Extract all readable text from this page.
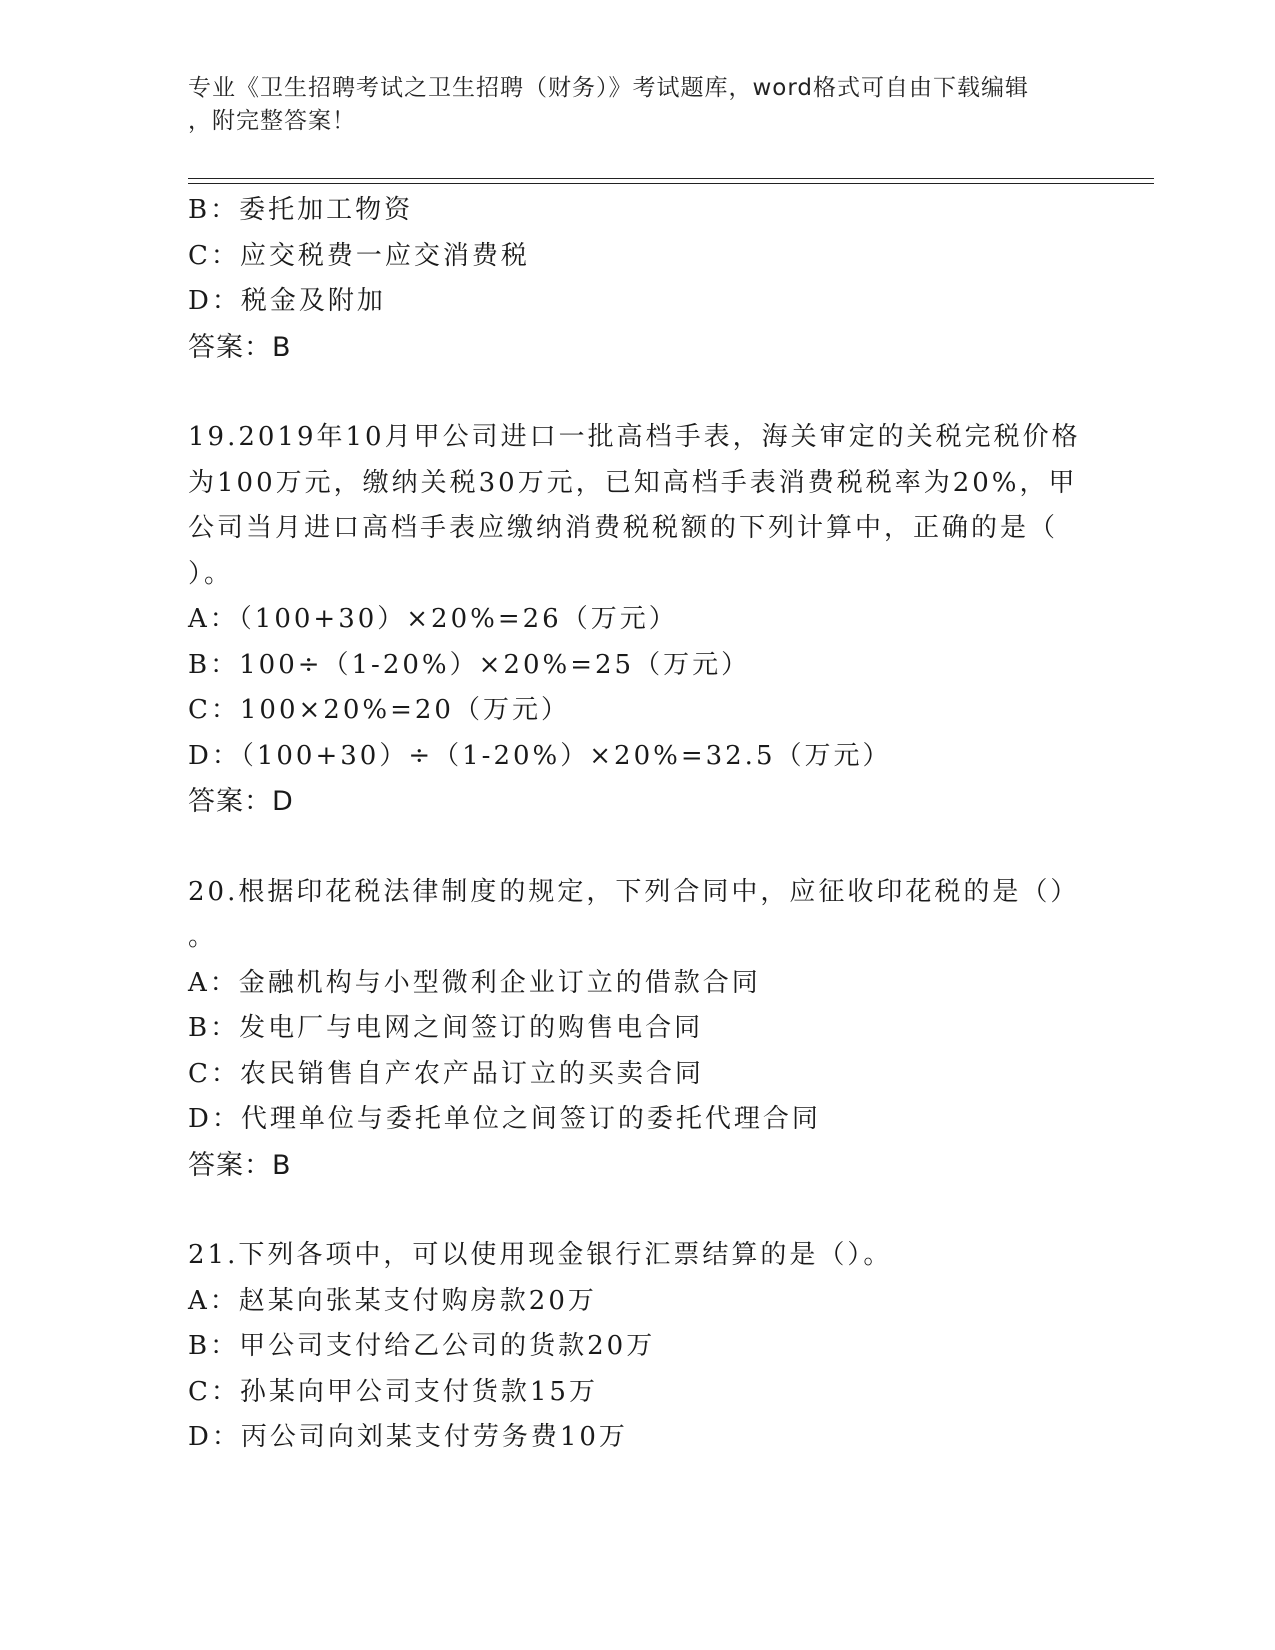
专业《卫生招聘考试之卫生招聘（财务）》考试题库，word格式可自由下载编辑
，附完整答案！
B：委托加工物资
C：应交税费一应交消费税
D：税金及附加
答案：B
19.2019年10月甲公司进口一批高档手表，海关审定的关税完税价格
为100万元，缴纳关税30万元，已知高档手表消费税税率为20%，甲
公司当月进口高档手表应缴纳消费税税额的下列计算中，正确的是（
）。
A：（100+30）×20%=26（万元）
B：100÷（1-20%）×20%=25（万元）
C：100×20%=20（万元）
D：（100+30）÷（1-20%）×20%=32.5（万元）
答案：D
20.根据印花税法律制度的规定，下列合同中，应征收印花税的是（）
。
A：金融机构与小型微利企业订立的借款合同
B：发电厂与电网之间签订的购售电合同
C：农民销售自产农产品订立的买卖合同
D：代理单位与委托单位之间签订的委托代理合同
答案：B
21.下列各项中，可以使用现金银行汇票结算的是（）。
A：赵某向张某支付购房款20万
B：甲公司支付给乙公司的货款20万
C：孙某向甲公司支付货款15万
D：丙公司向刘某支付劳务费10万
